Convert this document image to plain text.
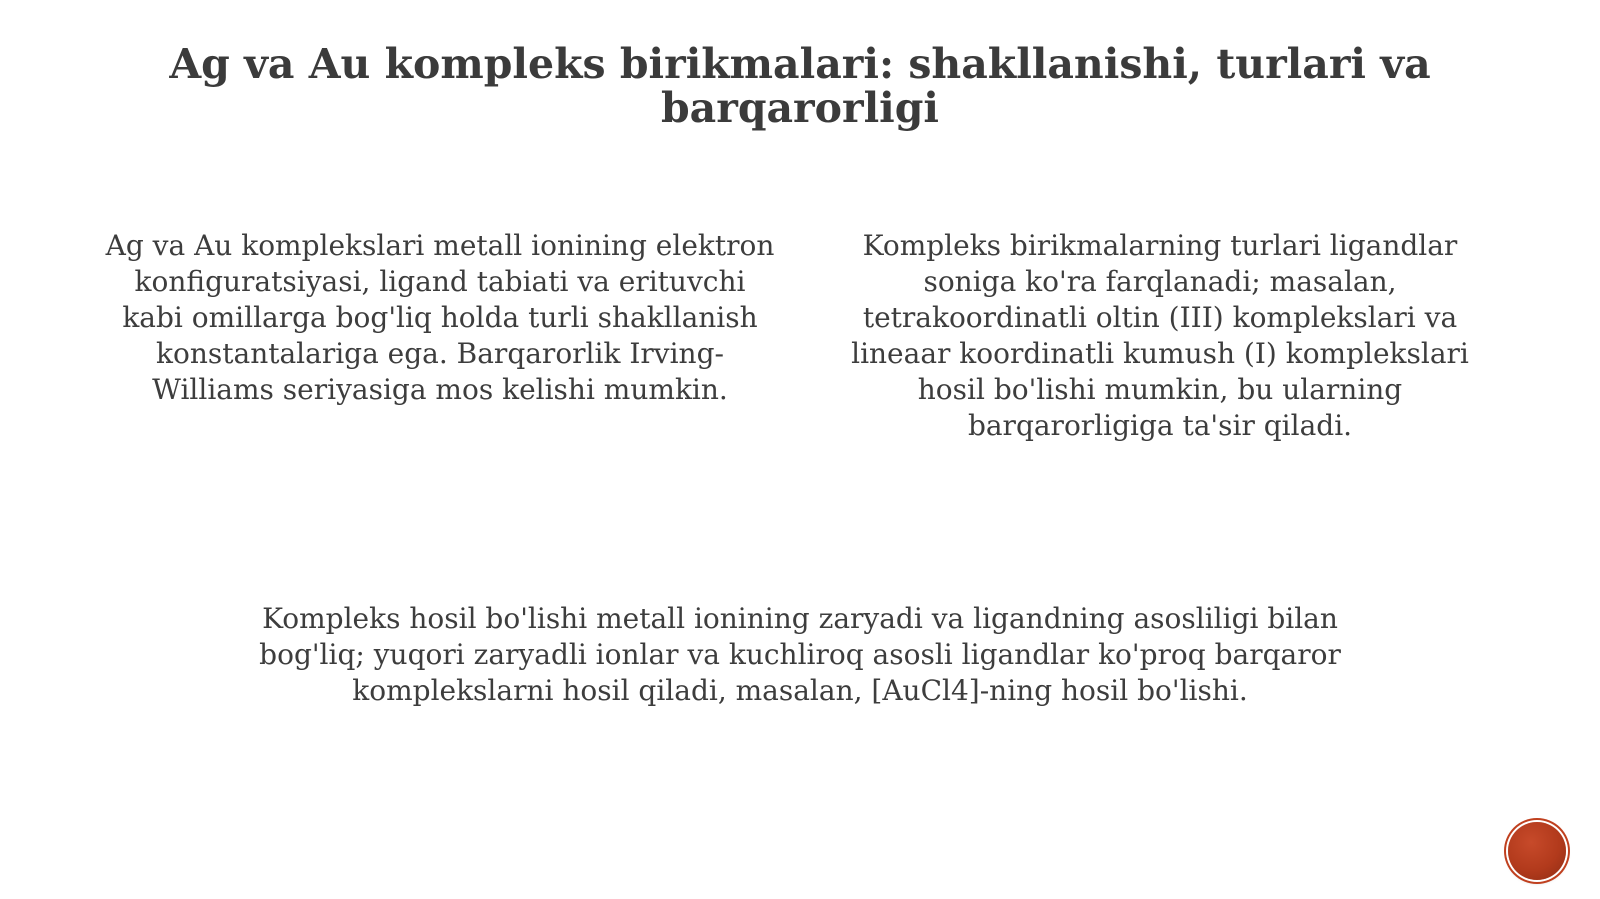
Ag va Au kompleks birikmalari: shakllanishi, turlari va barqarorligi

Ag va Au komplekslari metall ionining elektron konfiguratsiyasi, ligand tabiati va erituvchi kabi omillarga bog'liq holda turli shakllanish konstantalariga ega. Barqarorlik Irving-Williams seriyasiga mos kelishi mumkin.

Kompleks birikmalarning turlari ligandlar soniga ko'ra farqlanadi; masalan, tetrakoordinatli oltin (III) komplekslari va lineaar koordinatli kumush (I) komplekslari hosil bo'lishi mumkin, bu ularning barqarorligiga ta'sir qiladi.

Kompleks hosil bo'lishi metall ionining zaryadi va ligandning asosliligi bilan bog'liq; yuqori zaryadli ionlar va kuchliroq asosli ligandlar ko'proq barqaror komplekslarni hosil qiladi, masalan, [AuCl4]-ning hosil bo'lishi.
